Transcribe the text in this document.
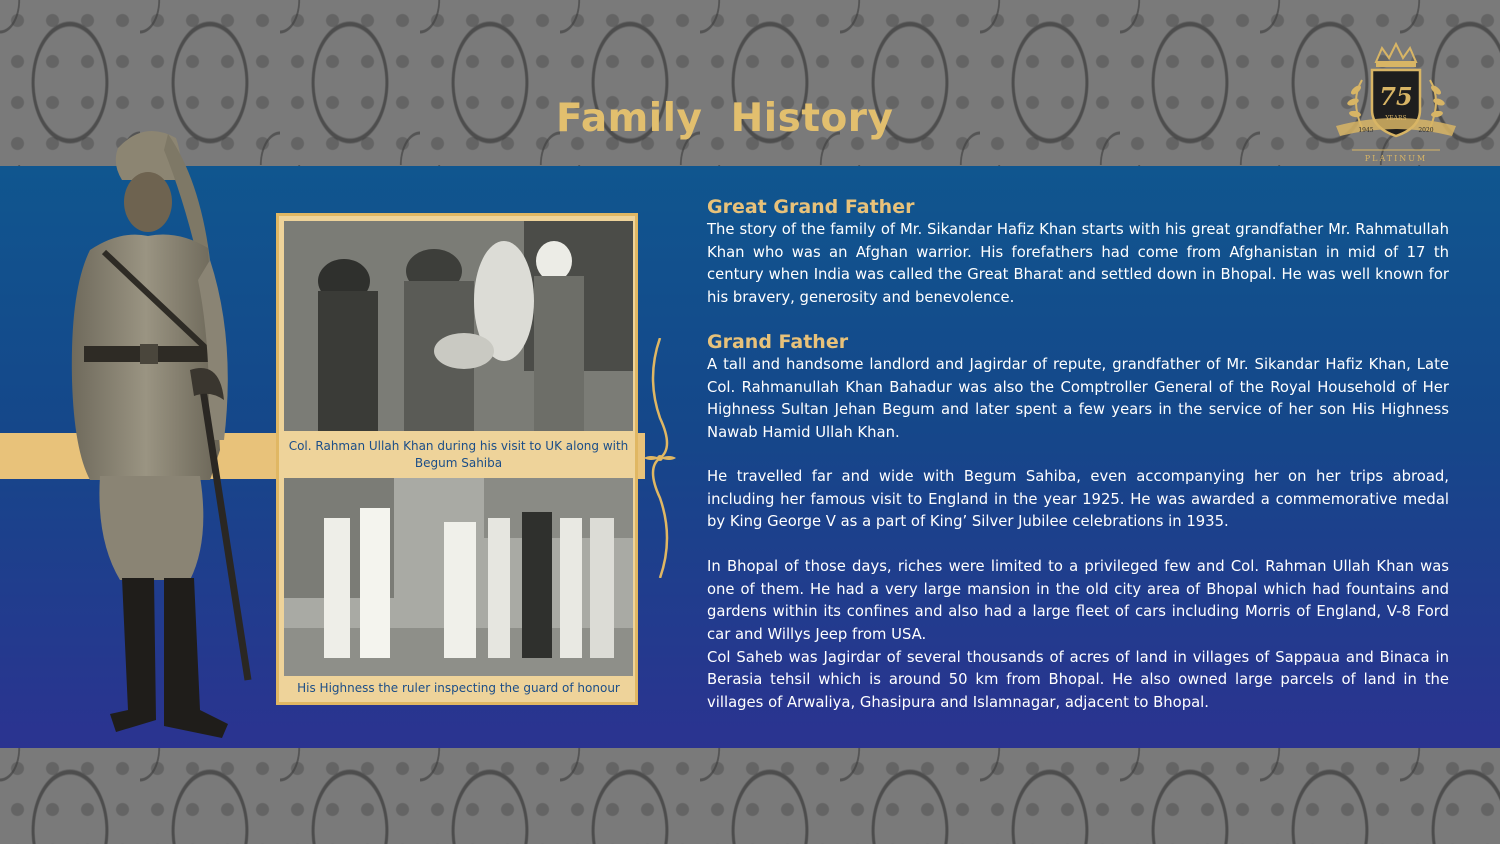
Family  History	75
1945	2020
PLATINUM
Col. Rahman Ullah Khan during his visit to UK along with Begum Sahiba
His Highness the ruler inspecting the guard of honour
Great Grand Father
The story of the family of Mr. Sikandar Hafiz Khan starts with his great grandfather Mr. Rahmatullah Khan who was an Afghan warrior. His forefathers had come from Afghanistan in mid of 17 th century when India was called the Great Bharat and settled down in Bhopal. He was well known for his bravery, generosity and benevolence.
Grand Father
A tall and handsome landlord and Jagirdar of repute, grandfather of Mr. Sikandar Hafiz Khan, Late Col. Rahmanullah Khan Bahadur was also the Comptroller General of the Royal Household of Her Highness Sultan Jehan Begum and later spent a few years in the service of her son His Highness Nawab Hamid Ullah Khan.
He travelled far and wide with Begum Sahiba, even accompanying her on her trips abroad, including her famous visit to England in the year 1925. He was awarded a commemorative medal by King George V as a part of King’ Silver Jubilee celebrations in 1935.
In Bhopal of those days, riches were limited to a privileged few and Col. Rahman Ullah Khan was one of them. He had a very large mansion in the old city area of Bhopal which had fountains and gardens within its confines and also had a large fleet of cars including Morris of England, V-8 Ford car and Willys Jeep from USA.
Col Saheb was Jagirdar of several thousands of acres of land in villages of Sappaua and Binaca in Berasia tehsil which is around 50 km from Bhopal. He also owned large parcels of land in the villages of Arwaliya, Ghasipura and Islamnagar, adjacent to Bhopal.
